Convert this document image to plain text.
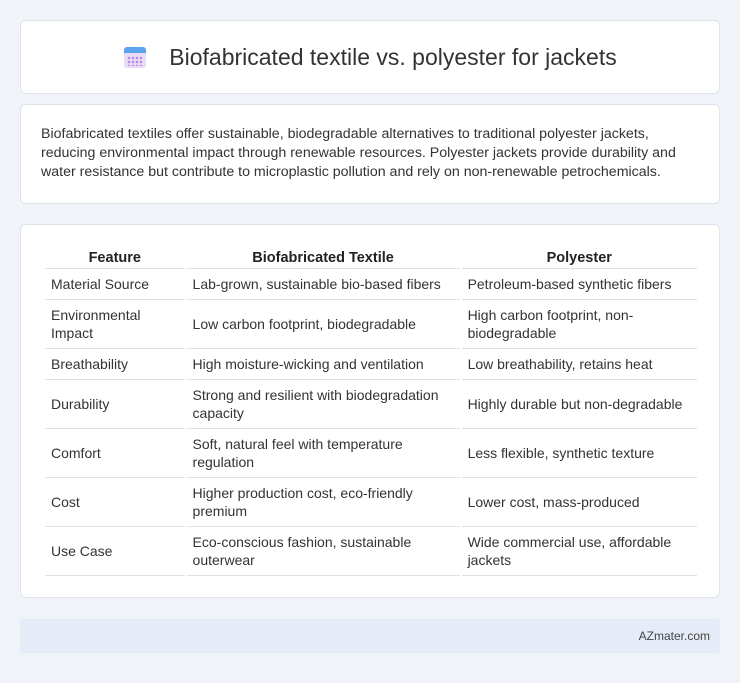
Biofabricated textile vs. polyester for jackets

Biofabricated textiles offer sustainable, biodegradable alternatives to traditional polyester jackets, reducing environmental impact through renewable resources. Polyester jackets provide durability and water resistance but contribute to microplastic pollution and rely on non-renewable petrochemicals.

Feature	Biofabricated Textile	Polyester
Material Source	Lab-grown, sustainable bio-based fibers	Petroleum-based synthetic fibers
Environmental Impact	Low carbon footprint, biodegradable	High carbon footprint, non-biodegradable
Breathability	High moisture-wicking and ventilation	Low breathability, retains heat
Durability	Strong and resilient with biodegradation capacity	Highly durable but non-degradable
Comfort	Soft, natural feel with temperature regulation	Less flexible, synthetic texture
Cost	Higher production cost, eco-friendly premium	Lower cost, mass-produced
Use Case	Eco-conscious fashion, sustainable outerwear	Wide commercial use, affordable jackets
AZmater.com
